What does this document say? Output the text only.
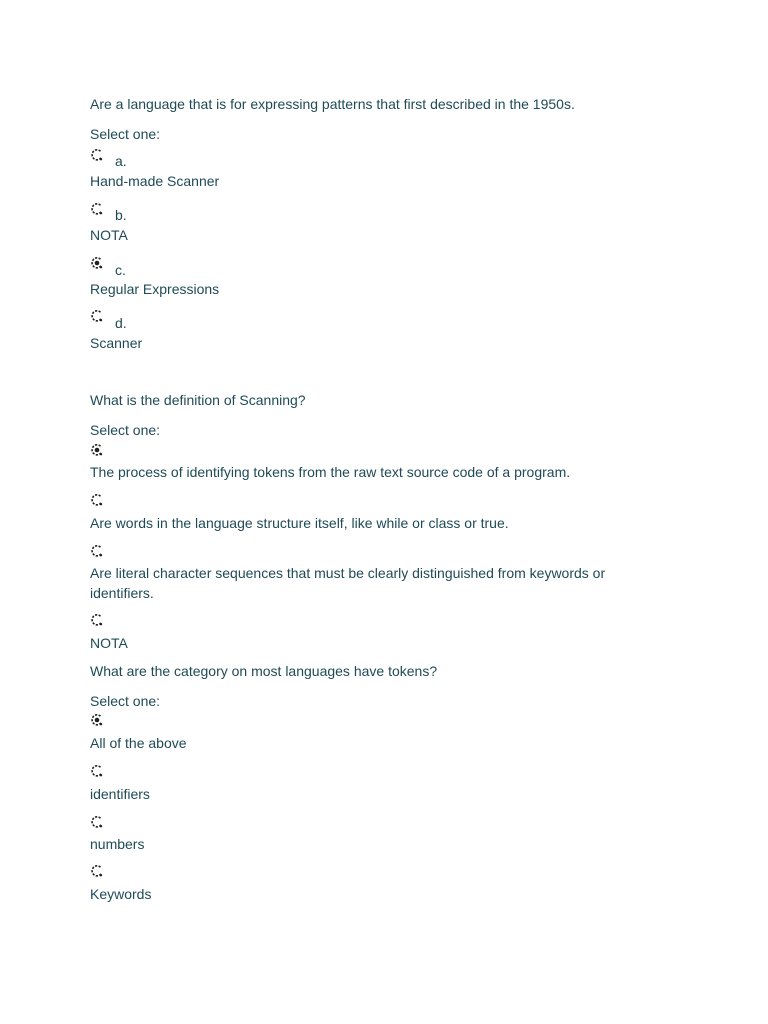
Are a language that is for expressing patterns that first described in the 1950s.
Select one:
a.
Hand-made Scanner
b.
NOTA
c.
Regular Expressions
d.
Scanner
What is the definition of Scanning?
Select one:
The process of identifying tokens from the raw text source code of a program.
Are words in the language structure itself, like while or class or true.
Are literal character sequences that must be clearly distinguished from keywords or identifiers.
NOTA
What are the category on most languages have tokens?
Select one:
All of the above
identifiers
numbers
Keywords
